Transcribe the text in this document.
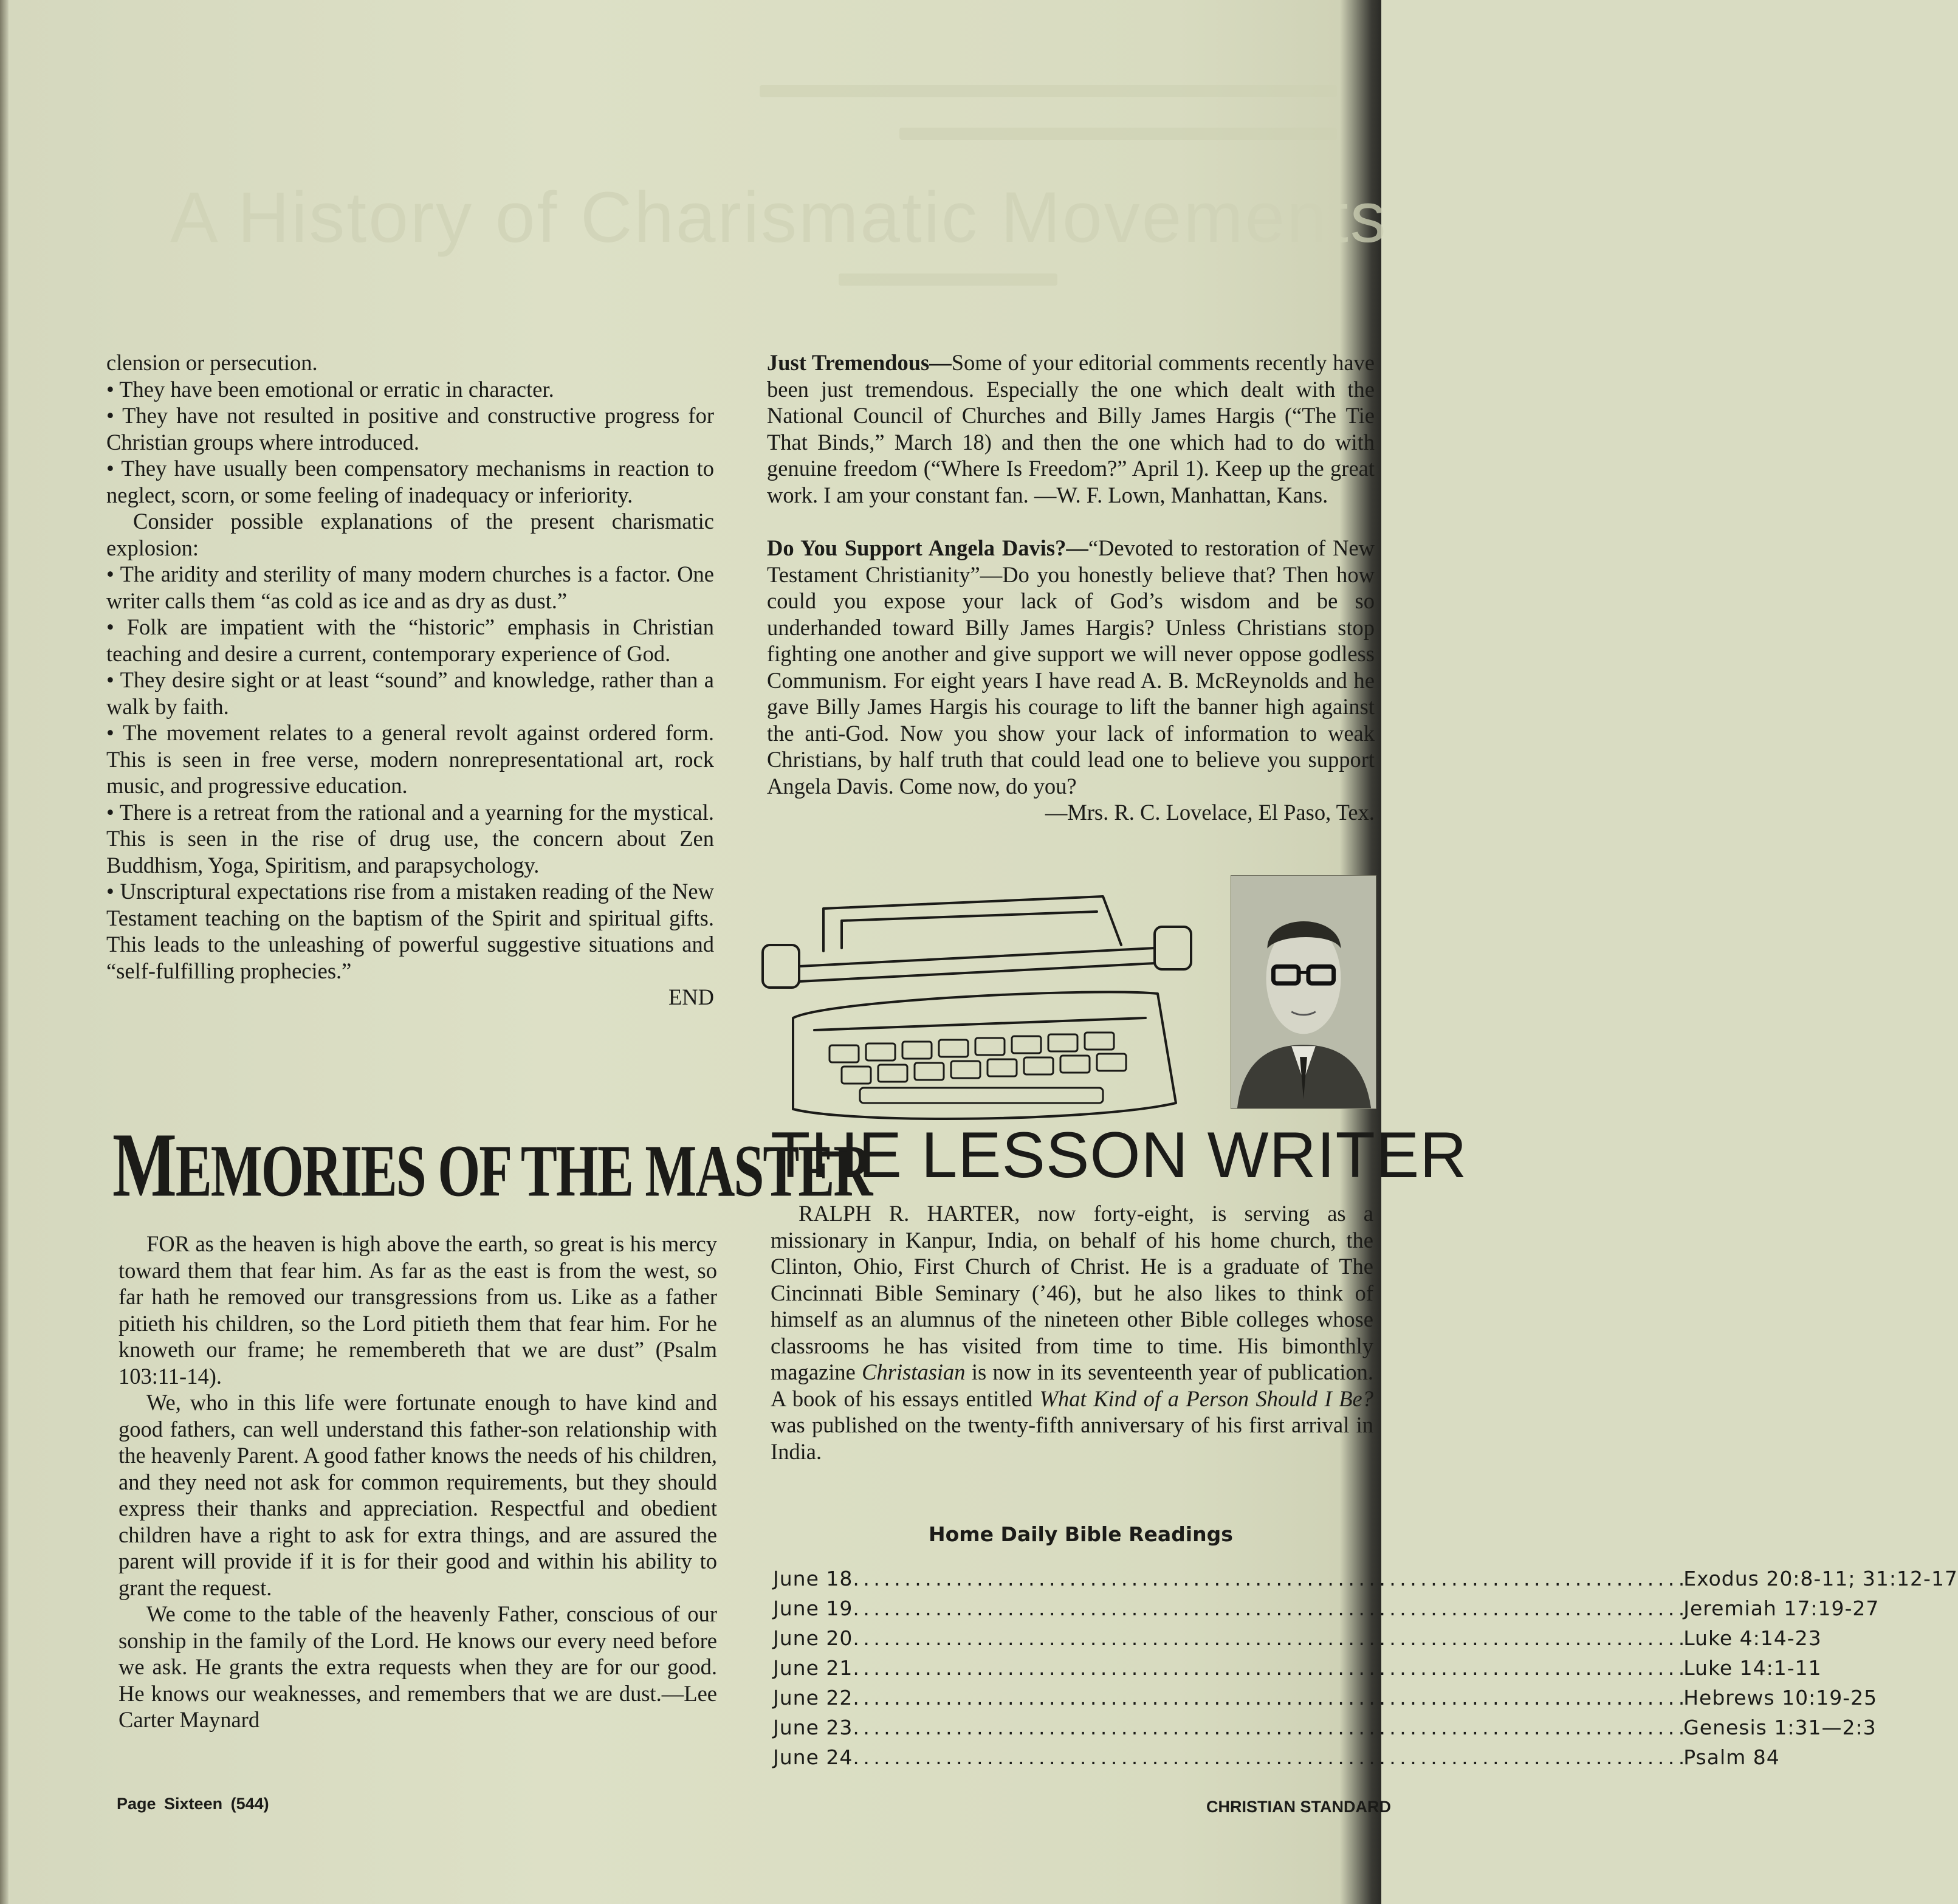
A History of Charismatic Movements

clension or persecution.

• They have been emotional or erratic in character.

• They have not resulted in positive and constructive progress for Christian groups where introduced.

• They have usually been compensatory mechanisms in reaction to neglect, scorn, or some feeling of inadequacy or inferiority.

Consider possible explanations of the present charismatic explosion:

• The aridity and sterility of many modern churches is a factor. One writer calls them “as cold as ice and as dry as dust.”

• Folk are impatient with the “historic” emphasis in Christian teaching and desire a current, contemporary experience of God.

• They desire sight or at least “sound” and knowledge, rather than a walk by faith.

• The movement relates to a general revolt against ordered form. This is seen in free verse, modern nonrepresentational art, rock music, and progressive education.

• There is a retreat from the rational and a yearning for the mystical. This is seen in the rise of drug use, the concern about Zen Buddhism, Yoga, Spiritism, and parapsychology.

• Unscriptural expectations rise from a mistaken reading of the New Testament teaching on the baptism of the Spirit and spiritual gifts. This leads to the unleashing of powerful suggestive situations and “self-fulfilling prophecies.”

END

MEMORIES OF THE MASTER

FOR as the heaven is high above the earth, so great is his mercy toward them that fear him. As far as the east is from the west, so far hath he removed our transgressions from us. Like as a father pitieth his children, so the Lord pitieth them that fear him. For he knoweth our frame; he remembereth that we are dust” (Psalm 103:11-14).

We, who in this life were fortunate enough to have kind and good fathers, can well understand this father-son relationship with the heavenly Parent. A good father knows the needs of his children, and they need not ask for common requirements, but they should express their thanks and appreciation. Respectful and obedient children have a right to ask for extra things, and are assured the parent will provide if it is for their good and within his ability to grant the request.

We come to the table of the heavenly Father, conscious of our sonship in the family of the Lord. He knows our every need before we ask. He grants the extra requests when they are for our good. He knows our weaknesses, and remembers that we are dust.—Lee Carter Maynard

Just Tremendous—Some of your editorial comments recently have been just tremendous. Especially the one which dealt with the National Council of Churches and Billy James Hargis (“The Tie That Binds,” March 18) and then the one which had to do with genuine freedom (“Where Is Freedom?” April 1). Keep up the great work. I am your constant fan. —W. F. Lown, Manhattan, Kans.

Do You Support Angela Davis?—“Devoted to restoration of New Testament Christianity”—Do you honestly believe that? Then how could you expose your lack of God’s wisdom and be so underhanded toward Billy James Hargis? Unless Christians stop fighting one another and give support we will never oppose godless Communism. For eight years I have read A. B. McReynolds and he gave Billy James Hargis his courage to lift the banner high against the anti-God. Now you show your lack of information to weak Christians, by half truth that could lead one to believe you support Angela Davis. Come now, do you?

—Mrs. R. C. Lovelace, El Paso, Tex.

THE LESSON WRITER

RALPH R. HARTER, now forty-eight, is serving as a missionary in Kanpur, India, on behalf of his home church, the Clinton, Ohio, First Church of Christ. He is a graduate of The Cincinnati Bible Seminary (’46), but he also likes to think of himself as an alumnus of the nineteen other Bible colleges whose classrooms he has visited from time to time. His bimonthly magazine Christasian is now in its seventeenth year of publication. A book of his essays entitled What Kind of a Person Should I Be? was published on the twenty-fifth anniversary of his first arrival in India.

Home Daily Bible Readings
June 18 . . .	Exodus 20:8-11; 31:12-17
June 19 . . .	Jeremiah 17:19-27
June 20 . . .	Luke 4:14-23
June 21 . . .	Luke 14:1-11
June 22 . . .	Hebrews 10:19-25
June 23 . . .	Genesis 1:31—2:3
June 24 . . .	Psalm 84
Page Sixteen (544)	CHRISTIAN STANDARD
